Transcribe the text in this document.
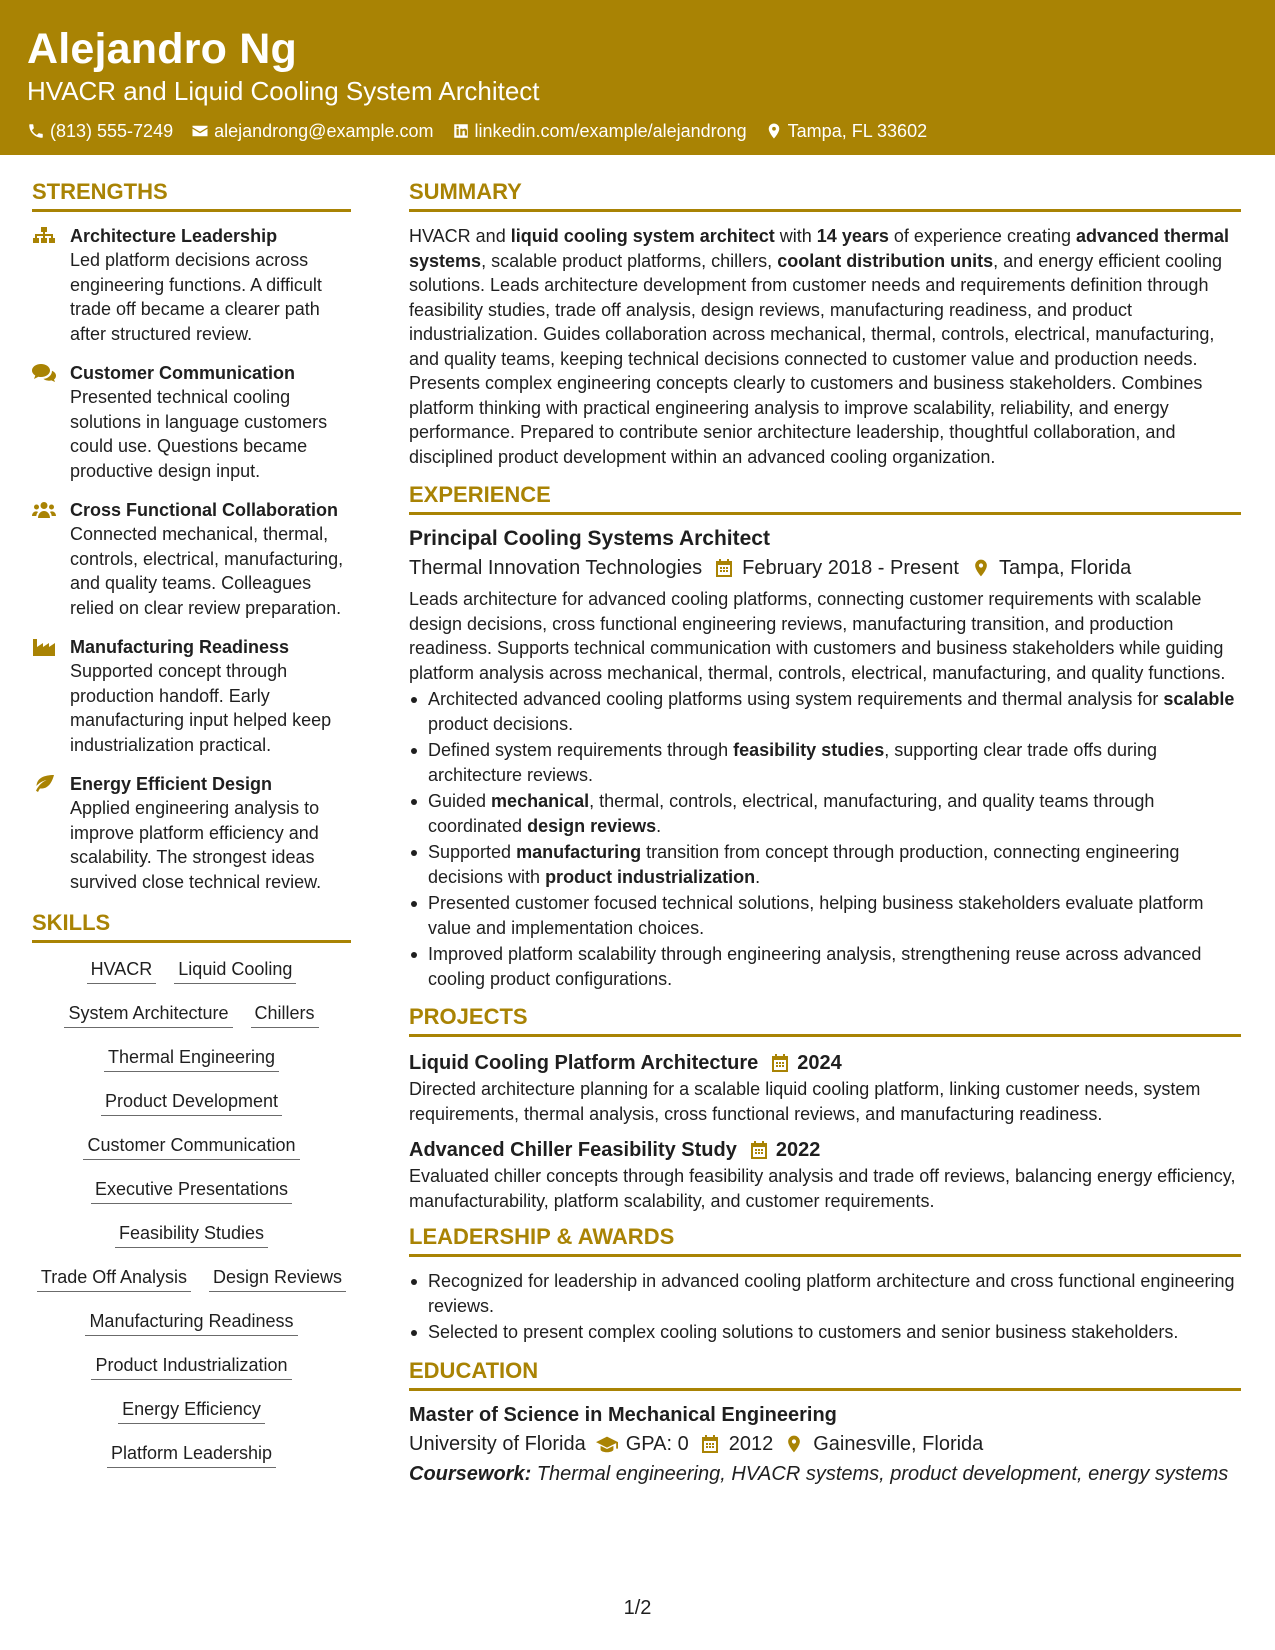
Alejandro Ng
HVACR and Liquid Cooling System Architect
(813) 555-7249 alejandrong@example.com linkedin.com/example/alejandrong Tampa, FL 33602
STRENGTHS
Architecture Leadership
Led platform decisions across engineering functions. A difficult trade off became a clearer path after structured review.
Customer Communication
Presented technical cooling solutions in language customers could use. Questions became productive design input.
Cross Functional Collaboration
Connected mechanical, thermal, controls, electrical, manufacturing, and quality teams. Colleagues relied on clear review preparation.
Manufacturing Readiness
Supported concept through production handoff. Early manufacturing input helped keep industrialization practical.
Energy Efficient Design
Applied engineering analysis to improve platform efficiency and scalability. The strongest ideas survived close technical review.
SKILLS
HVACR Liquid Cooling
System Architecture Chillers
Thermal Engineering
Product Development
Customer Communication
Executive Presentations
Feasibility Studies
Trade Off Analysis Design Reviews
Manufacturing Readiness
Product Industrialization
Energy Efficiency
Platform Leadership
SUMMARY
HVACR and liquid cooling system architect with 14 years of experience creating advanced thermal systems, scalable product platforms, chillers, coolant distribution units, and energy efficient cooling solutions. Leads architecture development from customer needs and requirements definition through feasibility studies, trade off analysis, design reviews, manufacturing readiness, and product industrialization. Guides collaboration across mechanical, thermal, controls, electrical, manufacturing, and quality teams, keeping technical decisions connected to customer value and production needs. Presents complex engineering concepts clearly to customers and business stakeholders. Combines platform thinking with practical engineering analysis to improve scalability, reliability, and energy performance. Prepared to contribute senior architecture leadership, thoughtful collaboration, and disciplined product development within an advanced cooling organization.
EXPERIENCE
Principal Cooling Systems Architect
Thermal Innovation Technologies February 2018 - Present Tampa, Florida
Leads architecture for advanced cooling platforms, connecting customer requirements with scalable design decisions, cross functional engineering reviews, manufacturing transition, and production readiness. Supports technical communication with customers and business stakeholders while guiding platform analysis across mechanical, thermal, controls, electrical, manufacturing, and quality functions.
Architected advanced cooling platforms using system requirements and thermal analysis for scalable product decisions.
Defined system requirements through feasibility studies, supporting clear trade offs during architecture reviews.
Guided mechanical, thermal, controls, electrical, manufacturing, and quality teams through coordinated design reviews.
Supported manufacturing transition from concept through production, connecting engineering decisions with product industrialization.
Presented customer focused technical solutions, helping business stakeholders evaluate platform value and implementation choices.
Improved platform scalability through engineering analysis, strengthening reuse across advanced cooling product configurations.
PROJECTS
Liquid Cooling Platform Architecture 2024
Directed architecture planning for a scalable liquid cooling platform, linking customer needs, system requirements, thermal analysis, cross functional reviews, and manufacturing readiness.
Advanced Chiller Feasibility Study 2022
Evaluated chiller concepts through feasibility analysis and trade off reviews, balancing energy efficiency, manufacturability, platform scalability, and customer requirements.
LEADERSHIP & AWARDS
Recognized for leadership in advanced cooling platform architecture and cross functional engineering reviews.
Selected to present complex cooling solutions to customers and senior business stakeholders.
EDUCATION
Master of Science in Mechanical Engineering
University of Florida GPA: 0 2012 Gainesville, Florida
Coursework: Thermal engineering, HVACR systems, product development, energy systems
1/2
